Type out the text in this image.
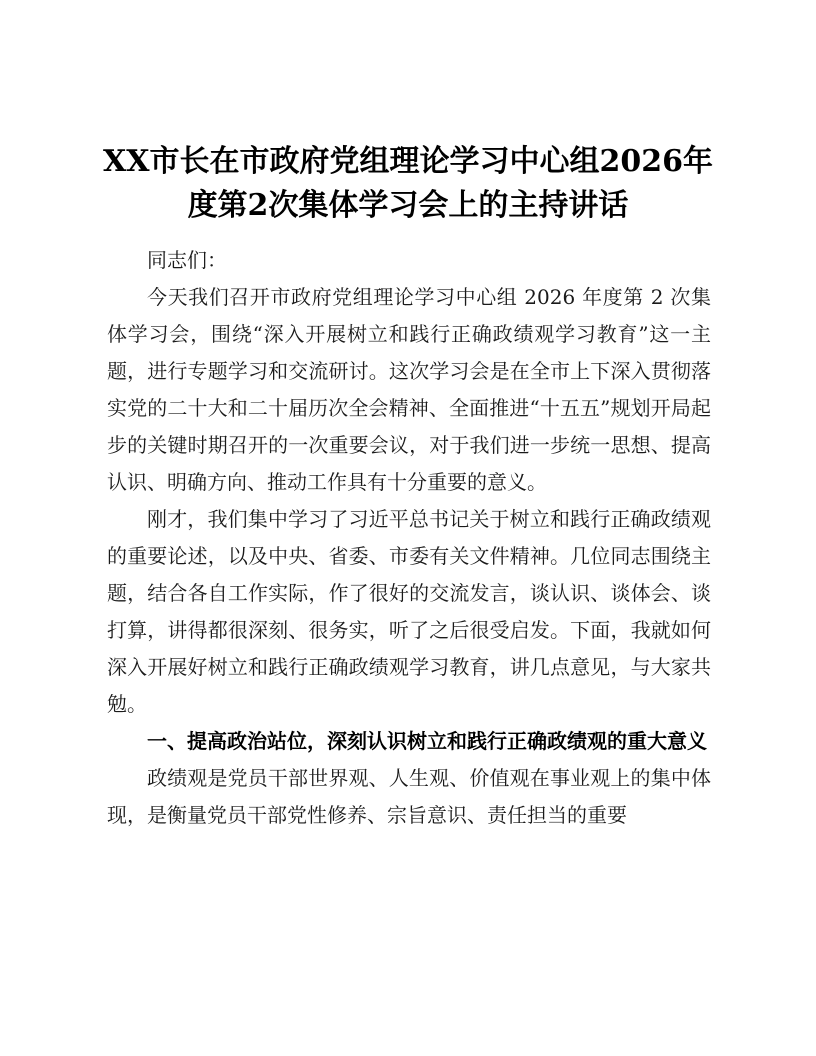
XX市长在市政府党组理论学习中心组2026年
度第2次集体学习会上的主持讲话

同志们：

今天我们召开市政府党组理论学习中心组 2026 年度第 2 次集体学习会，围绕“深入开展树立和践行正确政绩观学习教育”这一主题，进行专题学习和交流研讨。这次学习会是在全市上下深入贯彻落实党的二十大和二十届历次全会精神、全面推进“十五五”规划开局起步的关键时期召开的一次重要会议，对于我们进一步统一思想、提高认识、明确方向、推动工作具有十分重要的意义。

刚才，我们集中学习了习近平总书记关于树立和践行正确政绩观的重要论述，以及中央、省委、市委有关文件精神。几位同志围绕主题，结合各自工作实际，作了很好的交流发言，谈认识、谈体会、谈打算，讲得都很深刻、很务实，听了之后很受启发。下面，我就如何深入开展好树立和践行正确政绩观学习教育，讲几点意见，与大家共勉。

一、提高政治站位，深刻认识树立和践行正确政绩观的重大意义

政绩观是党员干部世界观、人生观、价值观在事业观上的集中体现，是衡量党员干部党性修养、宗旨意识、责任担当的重要
